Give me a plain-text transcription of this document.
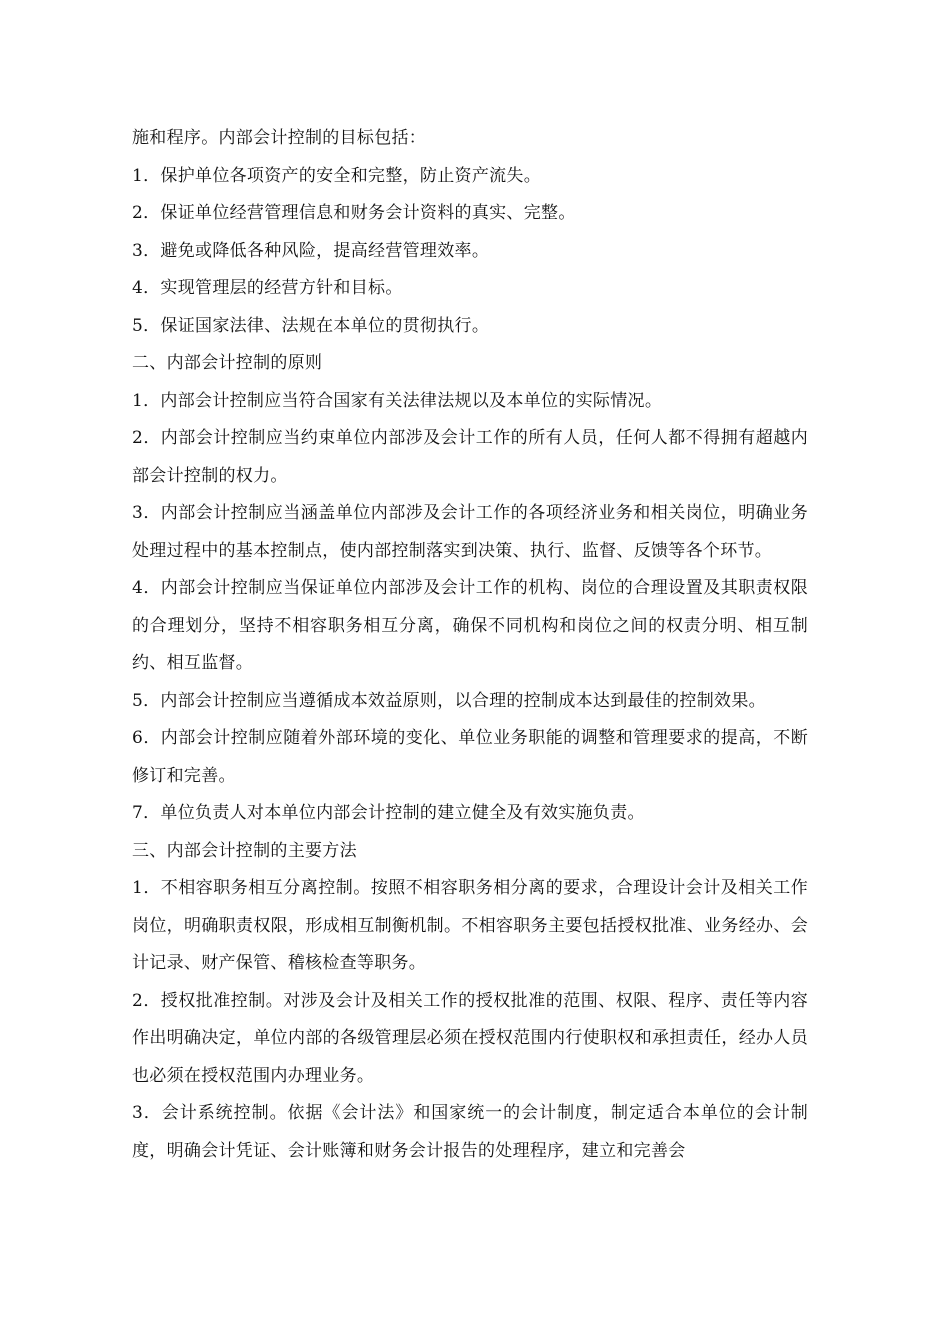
施和程序。内部会计控制的目标包括：

1．保护单位各项资产的安全和完整，防止资产流失。

2．保证单位经营管理信息和财务会计资料的真实、完整。

3．避免或降低各种风险，提高经营管理效率。

4．实现管理层的经营方针和目标。

5．保证国家法律、法规在本单位的贯彻执行。

二、内部会计控制的原则

1．内部会计控制应当符合国家有关法律法规以及本单位的实际情况。

2．内部会计控制应当约束单位内部涉及会计工作的所有人员，任何人都不得拥有超越内部会计控制的权力。

3．内部会计控制应当涵盖单位内部涉及会计工作的各项经济业务和相关岗位，明确业务处理过程中的基本控制点，使内部控制落实到决策、执行、监督、反馈等各个环节。

4．内部会计控制应当保证单位内部涉及会计工作的机构、岗位的合理设置及其职责权限的合理划分，坚持不相容职务相互分离，确保不同机构和岗位之间的权责分明、相互制约、相互监督。

5．内部会计控制应当遵循成本效益原则，以合理的控制成本达到最佳的控制效果。

6．内部会计控制应随着外部环境的变化、单位业务职能的调整和管理要求的提高，不断修订和完善。

7．单位负责人对本单位内部会计控制的建立健全及有效实施负责。

三、内部会计控制的主要方法

1．不相容职务相互分离控制。按照不相容职务相分离的要求，合理设计会计及相关工作岗位，明确职责权限，形成相互制衡机制。不相容职务主要包括授权批准、业务经办、会计记录、财产保管、稽核检查等职务。

2．授权批准控制。对涉及会计及相关工作的授权批准的范围、权限、程序、责任等内容作出明确决定，单位内部的各级管理层必须在授权范围内行使职权和承担责任，经办人员也必须在授权范围内办理业务。

3．会计系统控制。依据《会计法》和国家统一的会计制度，制定适合本单位的会计制度，明确会计凭证、会计账簿和财务会计报告的处理程序，建立和完善会
